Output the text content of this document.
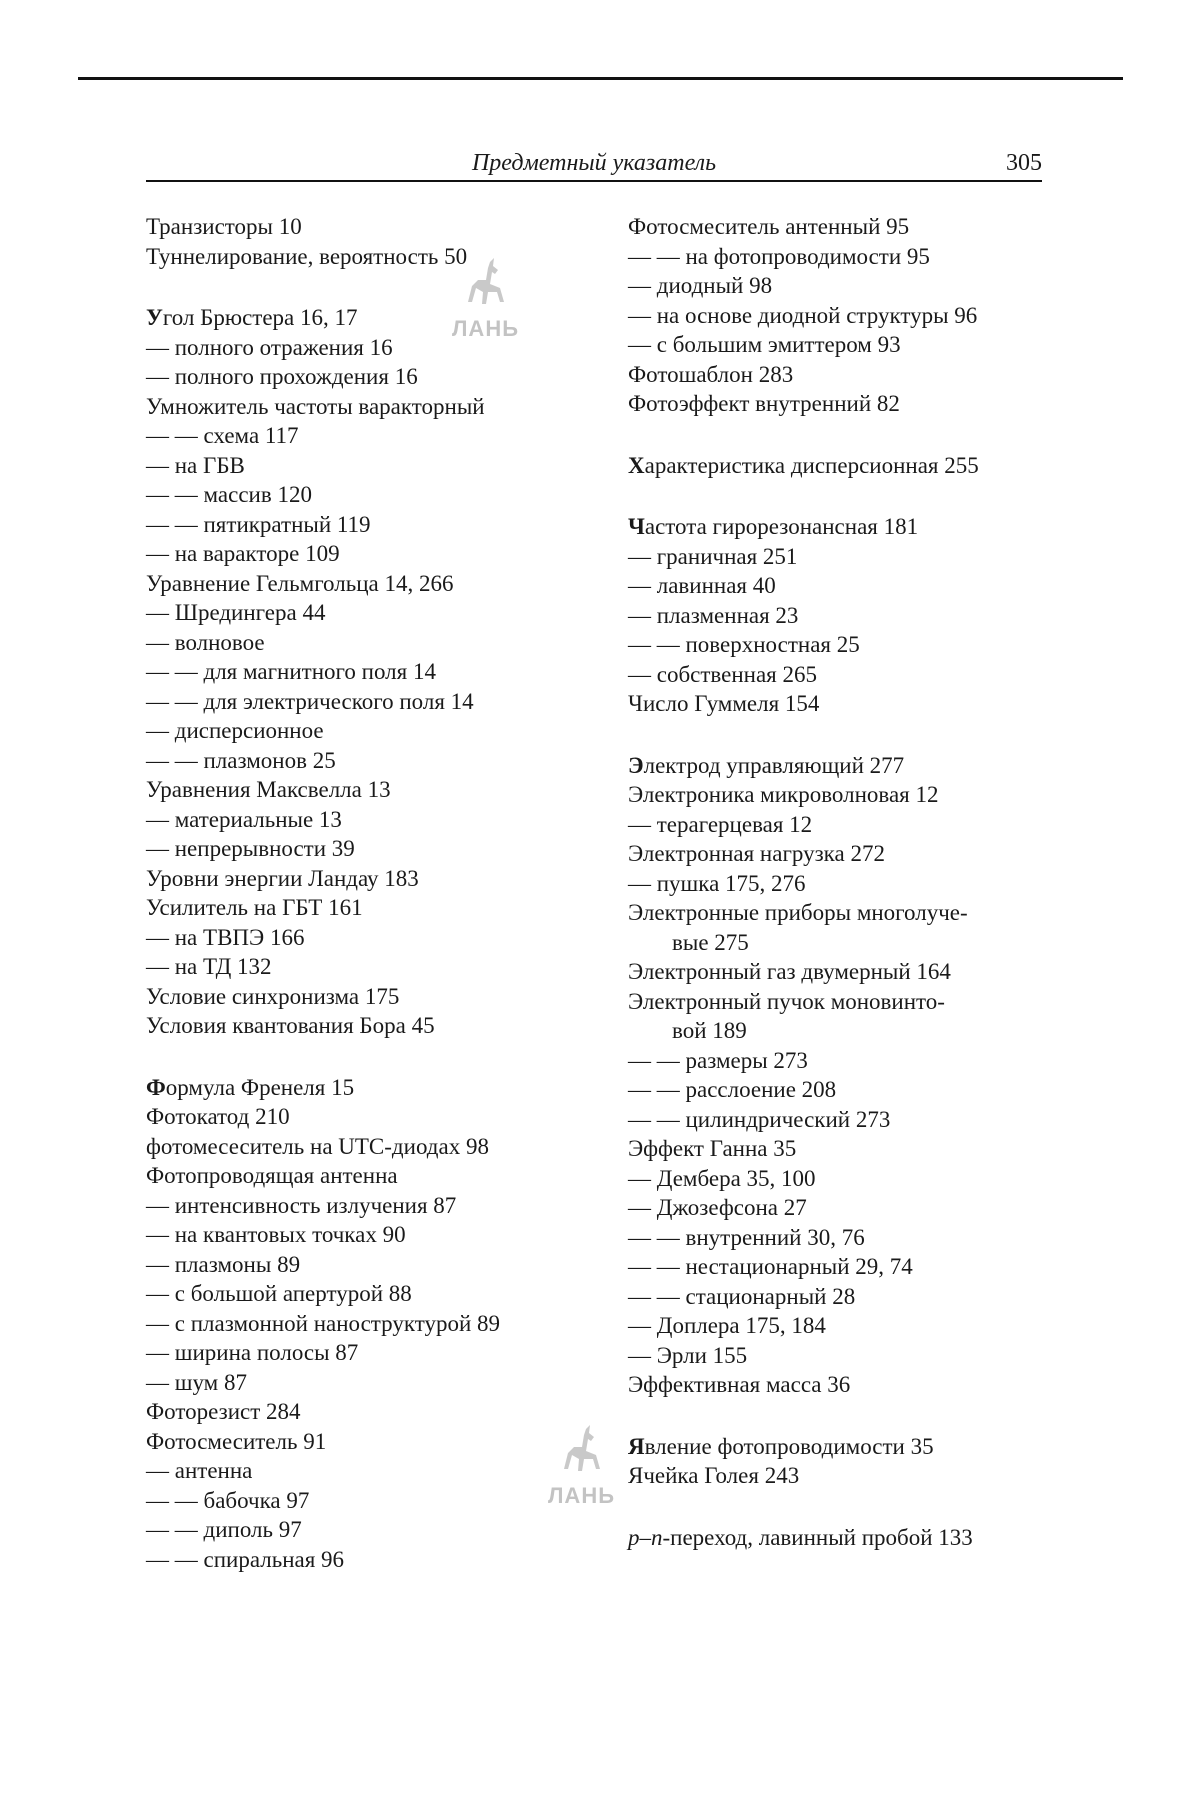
Предметный указатель	305
Транзисторы 10
Туннелирование, вероятность 50
Угол Брюстера 16, 17
— полного отражения 16
— полного прохождения 16
Умножитель частоты варакторный
— — схема 117
— на ГБВ
— — массив 120
— — пятикратный 119
— на варакторе 109
Уравнение Гельмгольца 14, 266
— Шредингера 44
— волновое
— — для магнитного поля 14
— — для электрического поля 14
— дисперсионное
— — плазмонов 25
Уравнения Максвелла 13
— материальные 13
— непрерывности 39
Уровни энергии Ландау 183
Усилитель на ГБТ 161
— на ТВПЭ 166
— на ТД 132
Условие синхронизма 175
Условия квантования Бора 45
Формула Френеля 15
Фотокатод 210
фотомесеситель на UTC-диодах 98
Фотопроводящая антенна
— интенсивность излучения 87
— на квантовых точках 90
— плазмоны 89
— с большой апертурой 88
— с плазмонной наноструктурой 89
— ширина полосы 87
— шум 87
Фоторезист 284
Фотосмеситель 91
— антенна
— — бабочка 97
— — диполь 97
— — спиральная 96
Фотосмеситель антенный 95
— — на фотопроводимости 95
— диодный 98
— на основе диодной структуры 96
— с большим эмиттером 93
Фотошаблон 283
Фотоэффект внутренний 82
Характеристика дисперсионная 255
Частота гирорезонансная 181
— граничная 251
— лавинная 40
— плазменная 23
— — поверхностная 25
— собственная 265
Число Гуммеля 154
Электрод управляющий 277
Электроника микроволновая 12
— терагерцевая 12
Электронная нагрузка 272
— пушка 175, 276
Электронные приборы многолуче-
вые 275
Электронный газ двумерный 164
Электронный пучок моновинто-
вой 189
— — размеры 273
— — расслоение 208
— — цилиндрический 273
Эффект Ганна 35
— Дембера 35, 100
— Джозефсона 27
— — внутренний 30, 76
— — нестационарный 29, 74
— — стационарный 28
— Доплера 175, 184
— Эрли 155
Эффективная масса 36
Явление фотопроводимости 35
Ячейка Голея 243
p–n-переход, лавинный пробой 133
ЛАНЬ
ЛАНЬ
